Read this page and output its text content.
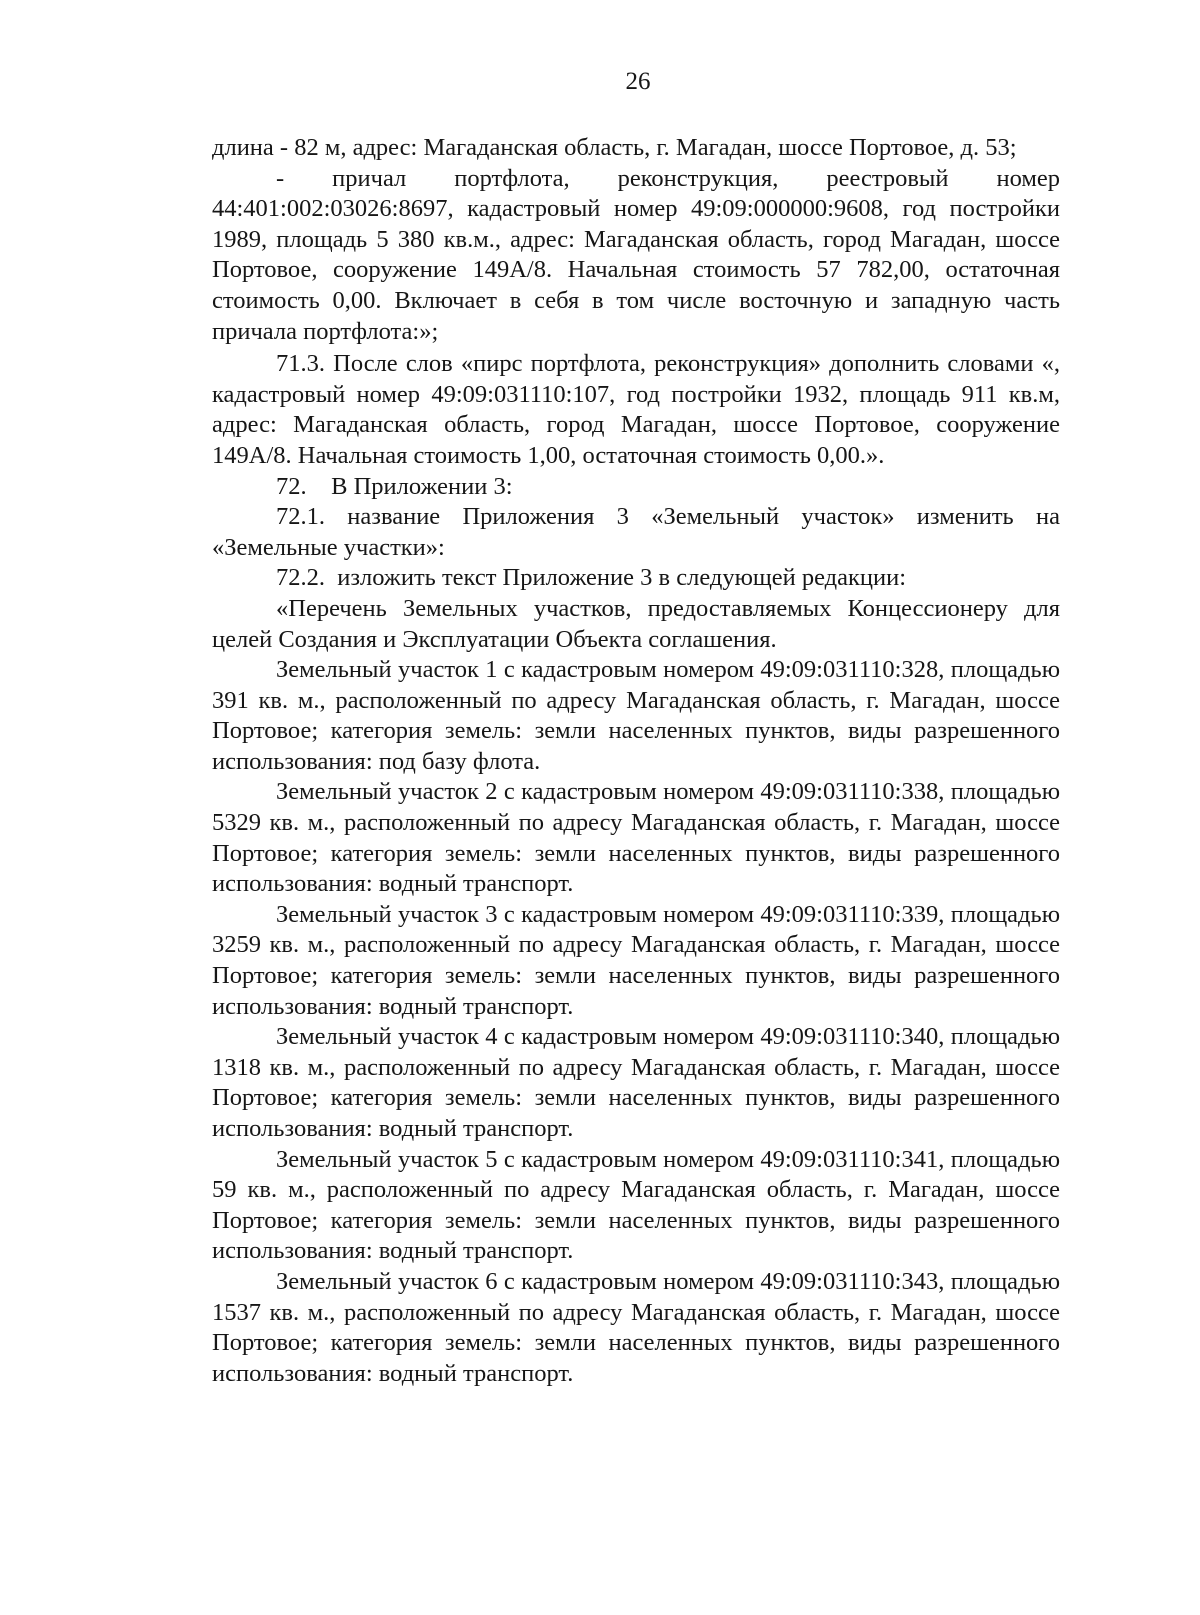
26

длина - 82 м, адрес: Магаданская область, г. Магадан, шоссе Портовое, д. 53;

- причал портфлота, реконструкция, реестровый номер 44:401:002:03026:8697, кадастровый номер 49:09:000000:9608, год постройки 1989, площадь 5 380 кв.м., адрес: Магаданская область, город Магадан, шоссе Портовое, сооружение 149А/8. Начальная стоимость 57 782,00, остаточная стоимость 0,00. Включает в себя в том числе восточную и западную часть причала портфлота:»;

71.3. После слов «пирс портфлота, реконструкция» дополнить словами «, кадастровый номер 49:09:031110:107, год постройки 1932, площадь 911 кв.м, адрес: Магаданская область, город Магадан, шоссе Портовое, сооружение 149А/8. Начальная стоимость 1,00, остаточная стоимость 0,00.».

72.    В Приложении 3:

72.1. название Приложения 3 «Земельный участок» изменить на «Земельные участки»:

72.2.  изложить текст Приложение 3 в следующей редакции:

«Перечень Земельных участков, предоставляемых Концессионеру для целей Создания и Эксплуатации Объекта соглашения.

Земельный участок 1 с кадастровым номером 49:09:031110:328, площадью 391 кв. м., расположенный по адресу Магаданская область, г. Магадан, шоссе Портовое; категория земель: земли населенных пунктов, виды разрешенного использования: под базу флота.

Земельный участок 2 с кадастровым номером 49:09:031110:338, площадью 5329 кв. м., расположенный по адресу Магаданская область, г. Магадан, шоссе Портовое; категория земель: земли населенных пунктов, виды разрешенного использования: водный транспорт.

Земельный участок 3 с кадастровым номером 49:09:031110:339, площадью 3259 кв. м., расположенный по адресу Магаданская область, г. Магадан, шоссе Портовое; категория земель: земли населенных пунктов, виды разрешенного использования: водный транспорт.

Земельный участок 4 с кадастровым номером 49:09:031110:340, площадью 1318 кв. м., расположенный по адресу Магаданская область, г. Магадан, шоссе Портовое; категория земель: земли населенных пунктов, виды разрешенного использования: водный транспорт.

Земельный участок 5 с кадастровым номером 49:09:031110:341, площадью 59 кв. м., расположенный по адресу Магаданская область, г. Магадан, шоссе Портовое; категория земель: земли населенных пунктов, виды разрешенного использования: водный транспорт.

Земельный участок 6 с кадастровым номером 49:09:031110:343, площадью 1537 кв. м., расположенный по адресу Магаданская область, г. Магадан, шоссе Портовое; категория земель: земли населенных пунктов, виды разрешенного использования: водный транспорт.
